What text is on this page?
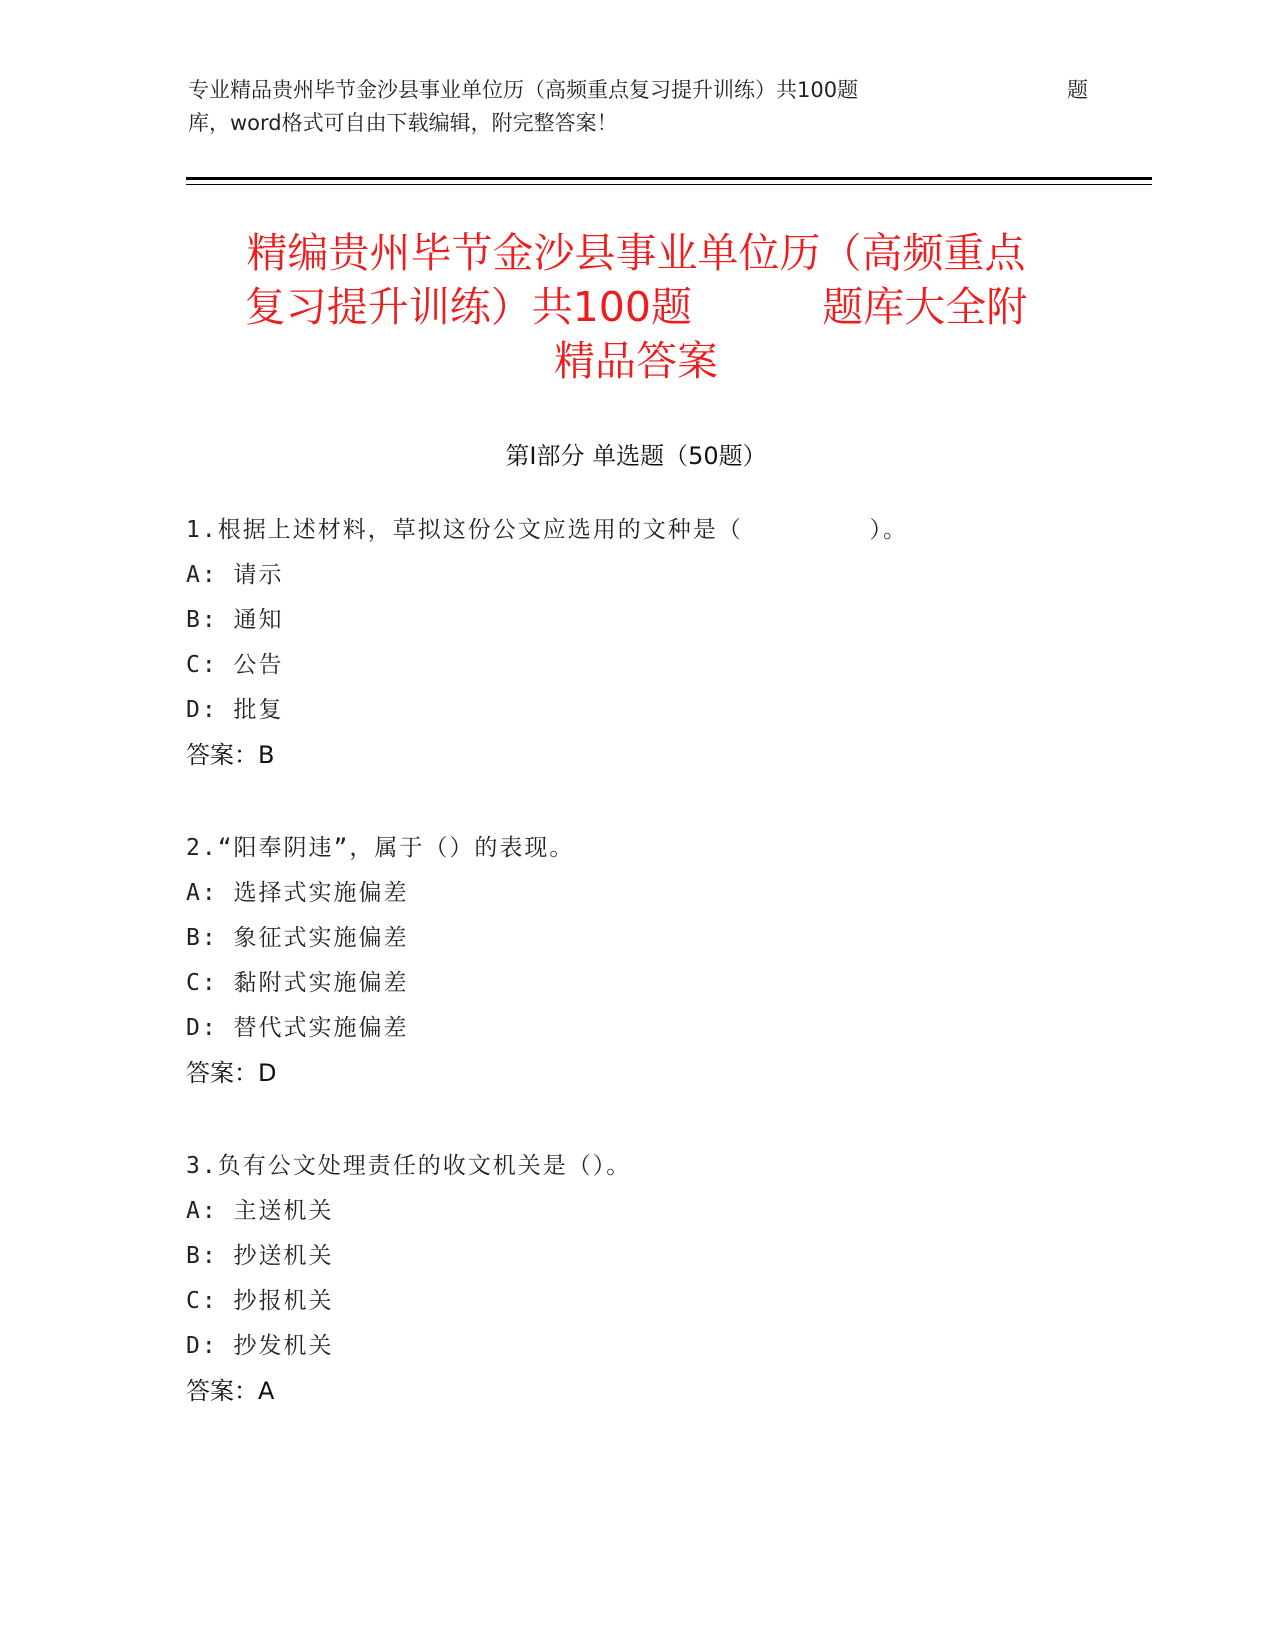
专业精品贵州毕节金沙县事业单位历（高频重点复习提升训练）共100题	题
库，word格式可自由下载编辑，附完整答案！
精编贵州毕节金沙县事业单位历（高频重点
复习提升训练）共100题          题库大全附
精品答案
第I部分 单选题（50题）
1.根据上述材料，草拟这份公文应选用的文种是（        ）。
A: 请示
B: 通知
C: 公告
D: 批复
答案：B
2.“阳奉阴违”，属于（）的表现。
A: 选择式实施偏差
B: 象征式实施偏差
C: 黏附式实施偏差
D: 替代式实施偏差
答案：D
3.负有公文处理责任的收文机关是（）。
A: 主送机关
B: 抄送机关
C: 抄报机关
D: 抄发机关
答案：A
